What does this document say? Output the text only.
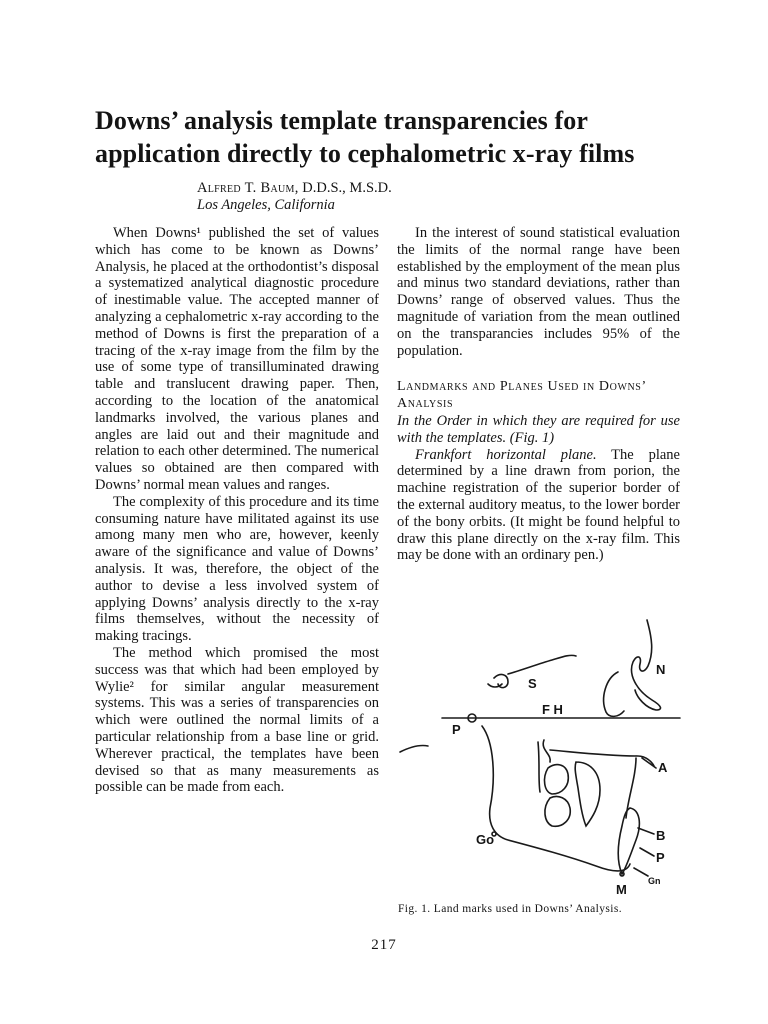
Downs’ analysis template transparencies for
application directly to cephalometric x-ray films
Alfred T. Baum, D.D.S., M.S.D.
Los Angeles, California

When Downs¹ published the set of values which has come to be known as Downs’ Analysis, he placed at the orthodontist’s disposal a systematized analytical diagnostic procedure of inestimable value. The accepted manner of analyzing a cephalometric x-ray according to the method of Downs is first the preparation of a tracing of the x-ray image from the film by the use of some type of transilluminated drawing table and translucent drawing paper. Then, according to the location of the anatomical landmarks involved, the various planes and angles are laid out and their magnitude and relation to each other determined. The numerical values so obtained are then compared with Downs’ normal mean values and ranges.

The complexity of this procedure and its time consuming nature have militated against its use among many men who are, however, keenly aware of the significance and value of Downs’ analysis. It was, therefore, the object of the author to devise a less involved system of applying Downs’ analysis directly to the x-ray films themselves, without the necessity of making tracings.

The method which promised the most success was that which had been employed by Wylie² for similar angular measurement systems. This was a series of transparencies on which were outlined the normal limits of a particular relationship from a base line or grid. Wherever practical, the templates have been devised so that as many measurements as possible can be made from each.

In the interest of sound statistical evaluation the limits of the normal range have been established by the employment of the mean plus and minus two standard deviations, rather than Downs’ range of observed values. Thus the magnitude of variation from the mean outlined on the transparancies includes 95% of the population.

Landmarks and Planes Used in Downs’ Analysis

In the Order in which they are required for use with the templates. (Fig. 1)

Frankfort horizontal plane. The plane determined by a line drawn from porion, the machine registration of the superior border of the external auditory meatus, to the lower border of the bony orbits. (It might be found helpful to draw this plane directly on the x-ray film. This may be done with an ordinary pen.)

N
S
F H
P
Go
A
B
P
Gn
M
Fig. 1. Land marks used in Downs’ Analysis.
217
